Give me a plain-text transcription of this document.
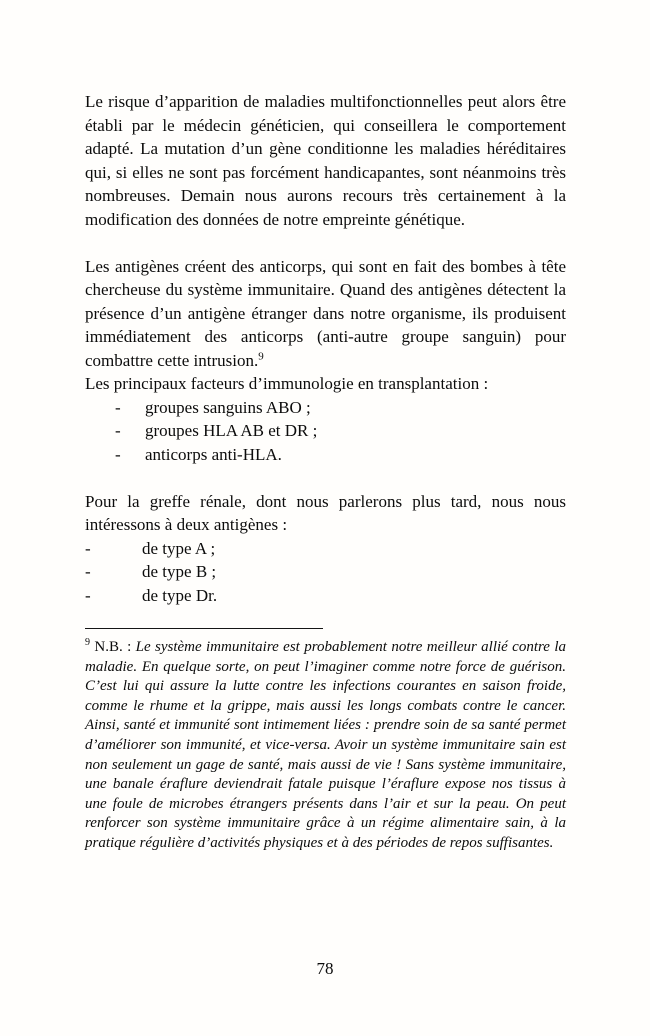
Le risque d’apparition de maladies multifonctionnelles peut alors être établi par le médecin généticien, qui conseillera le comportement adapté. La mutation d’un gène conditionne les maladies héréditaires qui, si elles ne sont pas forcément handicapantes, sont néanmoins très nombreuses. Demain nous aurons recours très certainement à la modification des données de notre empreinte génétique.

Les antigènes créent des anticorps, qui sont en fait des bombes à tête chercheuse du système immunitaire. Quand des antigènes détectent la présence d’un antigène étranger dans notre organisme, ils produisent immédiatement des anticorps (anti-autre groupe sanguin) pour combattre cette intrusion.$^9$

Les principaux facteurs d’immunologie en transplantation :

-	groupes sanguins ABO ;
-	groupes HLA AB et DR ;
-	anticorps anti-HLA.

Pour la greffe rénale, dont nous parlerons plus tard, nous nous intéressons à deux antigènes :

-	de type A ;
-	de type B ;
-	de type Dr.

$^9$ N.B. : Le système immunitaire est probablement notre meilleur allié contre la maladie. En quelque sorte, on peut l’imaginer comme notre force de guérison. C’est lui qui assure la lutte contre les infections courantes en saison froide, comme le rhume et la grippe, mais aussi les longs combats contre le cancer. Ainsi, santé et immunité sont intimement liées : prendre soin de sa santé permet d’améliorer son immunité, et vice-versa. Avoir un système immunitaire sain est non seulement un gage de santé, mais aussi de vie ! Sans système immunitaire, une banale éraflure deviendrait fatale puisque l’éraflure expose nos tissus à une foule de microbes étrangers présents dans l’air et sur la peau. On peut renforcer son système immunitaire grâce à un régime alimentaire sain, à la pratique régulière d’activités physiques et à des périodes de repos suffisantes.

78
